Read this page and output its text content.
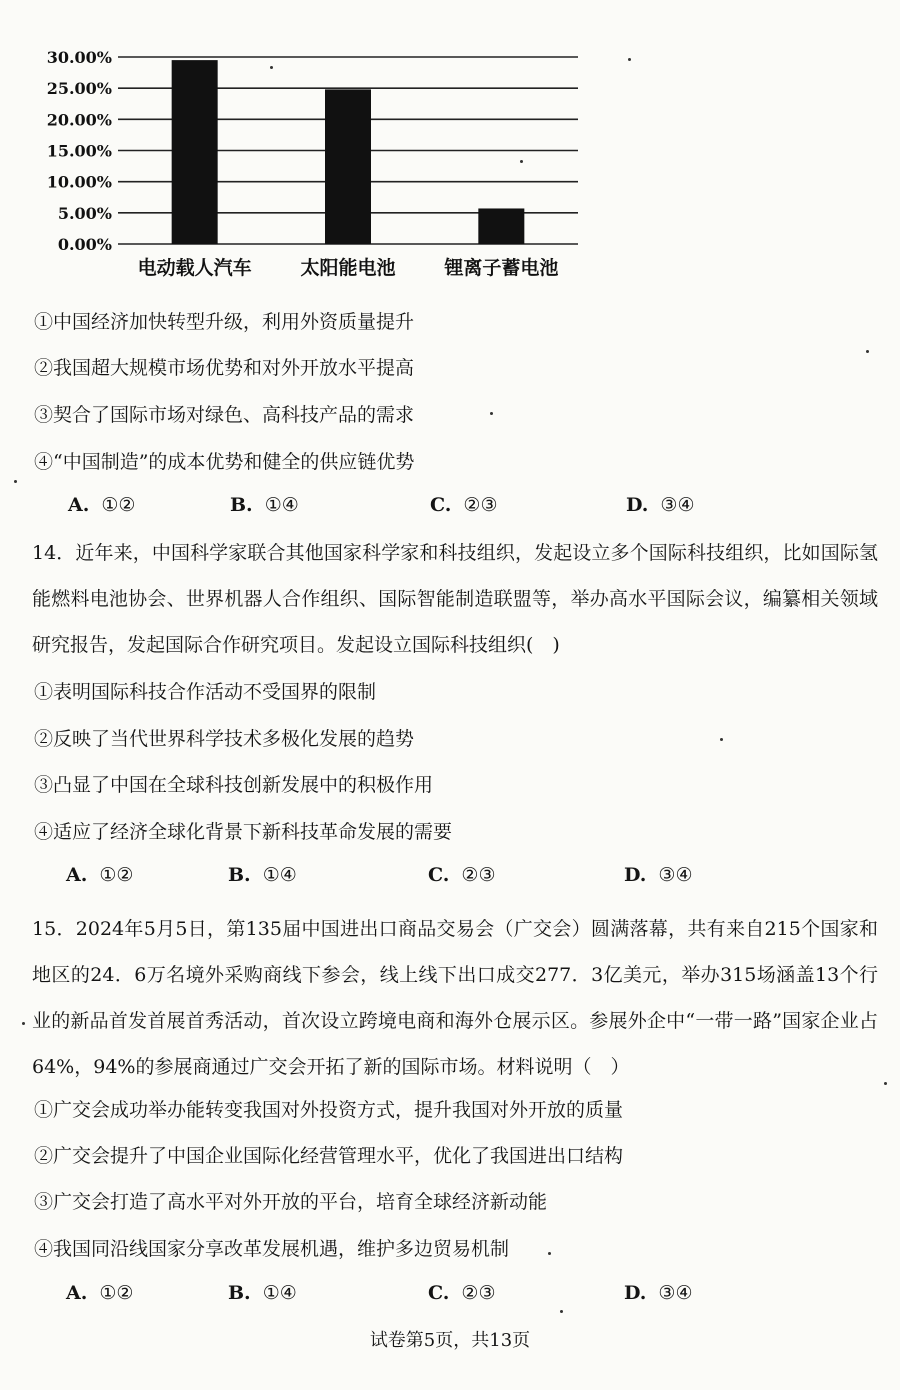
0.00%
5.00%
10.00%
15.00%
20.00%
25.00%
30.00%
电动载人汽车	太阳能电池	锂离子蓄电池
①中国经济加快转型升级，利用外资质量提升
②我国超大规模市场优势和对外开放水平提高
③契合了国际市场对绿色、高科技产品的需求
④“中国制造”的成本优势和健全的供应链优势
A. ①②	B. ①④	C. ②③	D. ③④
14．近年来，中国科学家联合其他国家科学家和科技组织，发起设立多个国际科技组织，比如国际氢能燃料电池协会、世界机器人合作组织、国际智能制造联盟等，举办高水平国际会议，编纂相关领域研究报告，发起国际合作研究项目。发起设立国际科技组织(　)
①表明国际科技合作活动不受国界的限制
②反映了当代世界科学技术多极化发展的趋势
③凸显了中国在全球科技创新发展中的积极作用
④适应了经济全球化背景下新科技革命发展的需要
A. ①②	B. ①④	C. ②③	D. ③④
15．2024年5月5日，第135届中国进出口商品交易会（广交会）圆满落幕，共有来自215个国家和地区的24．6万名境外采购商线下参会，线上线下出口成交277．3亿美元，举办315场涵盖13个行业的新品首发首展首秀活动，首次设立跨境电商和海外仓展示区。参展外企中“一带一路”国家企业占64%，94%的参展商通过广交会开拓了新的国际市场。材料说明（　）
①广交会成功举办能转变我国对外投资方式，提升我国对外开放的质量
②广交会提升了中国企业国际化经营管理水平，优化了我国进出口结构
③广交会打造了高水平对外开放的平台，培育全球经济新动能
④我国同沿线国家分享改革发展机遇，维护多边贸易机制
A. ①②	B. ①④	C. ②③	D. ③④
试卷第5页，共13页
